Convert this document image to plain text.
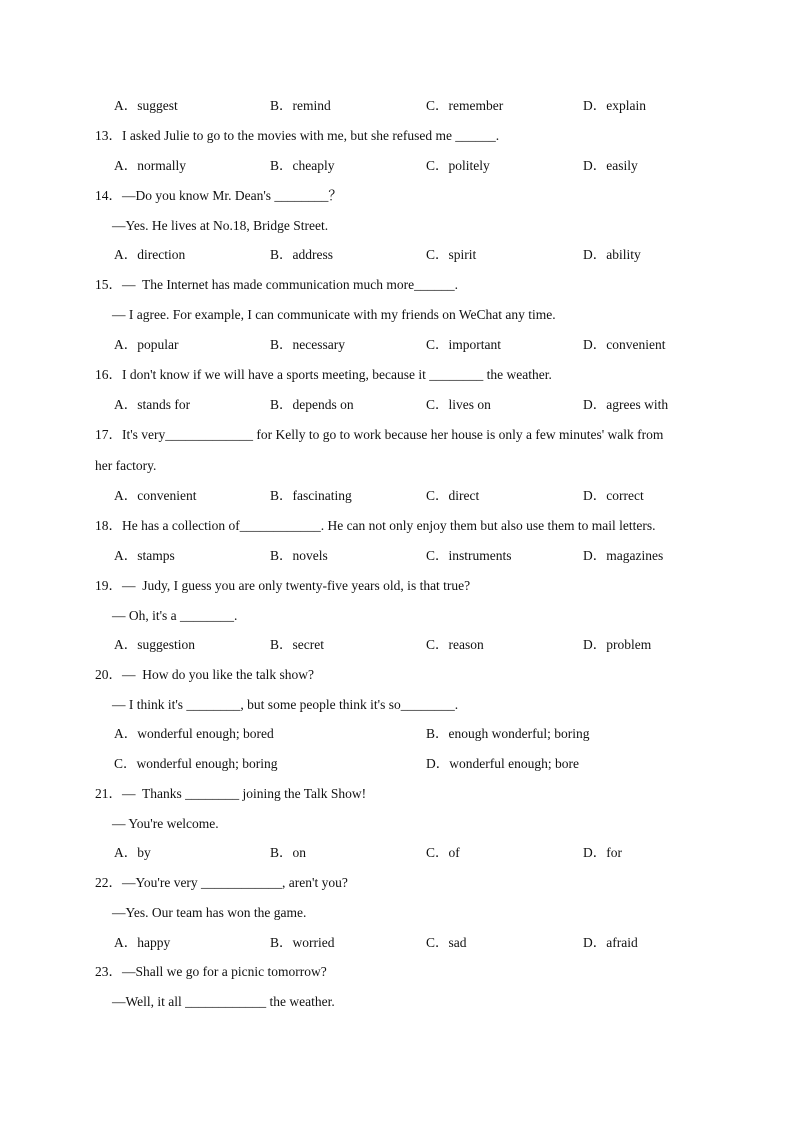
A．suggest	B．remind	C．remember	D．explain
13．I asked Julie to go to the movies with me, but she refused me ______.
A．normally	B．cheaply	C．politely	D．easily
14．—Do you know Mr. Dean's ________？
—Yes. He lives at No.18, Bridge Street.
A．direction	B．address	C．spirit	D．ability
15．—  The Internet has made communication much more______.
— I agree. For example, I can communicate with my friends on WeChat any time.
A．popular	B．necessary	C．important	D．convenient
16．I don't know if we will have a sports meeting, because it ________ the weather.
A．stands for	B．depends on	C．lives on	D．agrees with
17．It's very_____________ for Kelly to go to work because her house is only a few minutes' walk from
her factory.
A．convenient	B．fascinating	C．direct	D．correct
18．He has a collection of____________. He can not only enjoy them but also use them to mail letters.
A．stamps	B．novels	C．instruments	D．magazines
19．—  Judy, I guess you are only twenty-five years old, is that true?
— Oh, it's a ________.
A．suggestion	B．secret	C．reason	D．problem
20．—  How do you like the talk show?
— I think it's ________, but some people think it's so________.
A．wonderful enough; bored	B．enough wonderful; boring
C．wonderful enough; boring	D．wonderful enough; bore
21．—  Thanks ________ joining the Talk Show!
— You're welcome.
A．by	B．on	C．of	D．for
22．—You're very ____________, aren't you?
—Yes. Our team has won the game.
A．happy	B．worried	C．sad	D．afraid
23．—Shall we go for a picnic tomorrow?
—Well, it all ____________ the weather.
